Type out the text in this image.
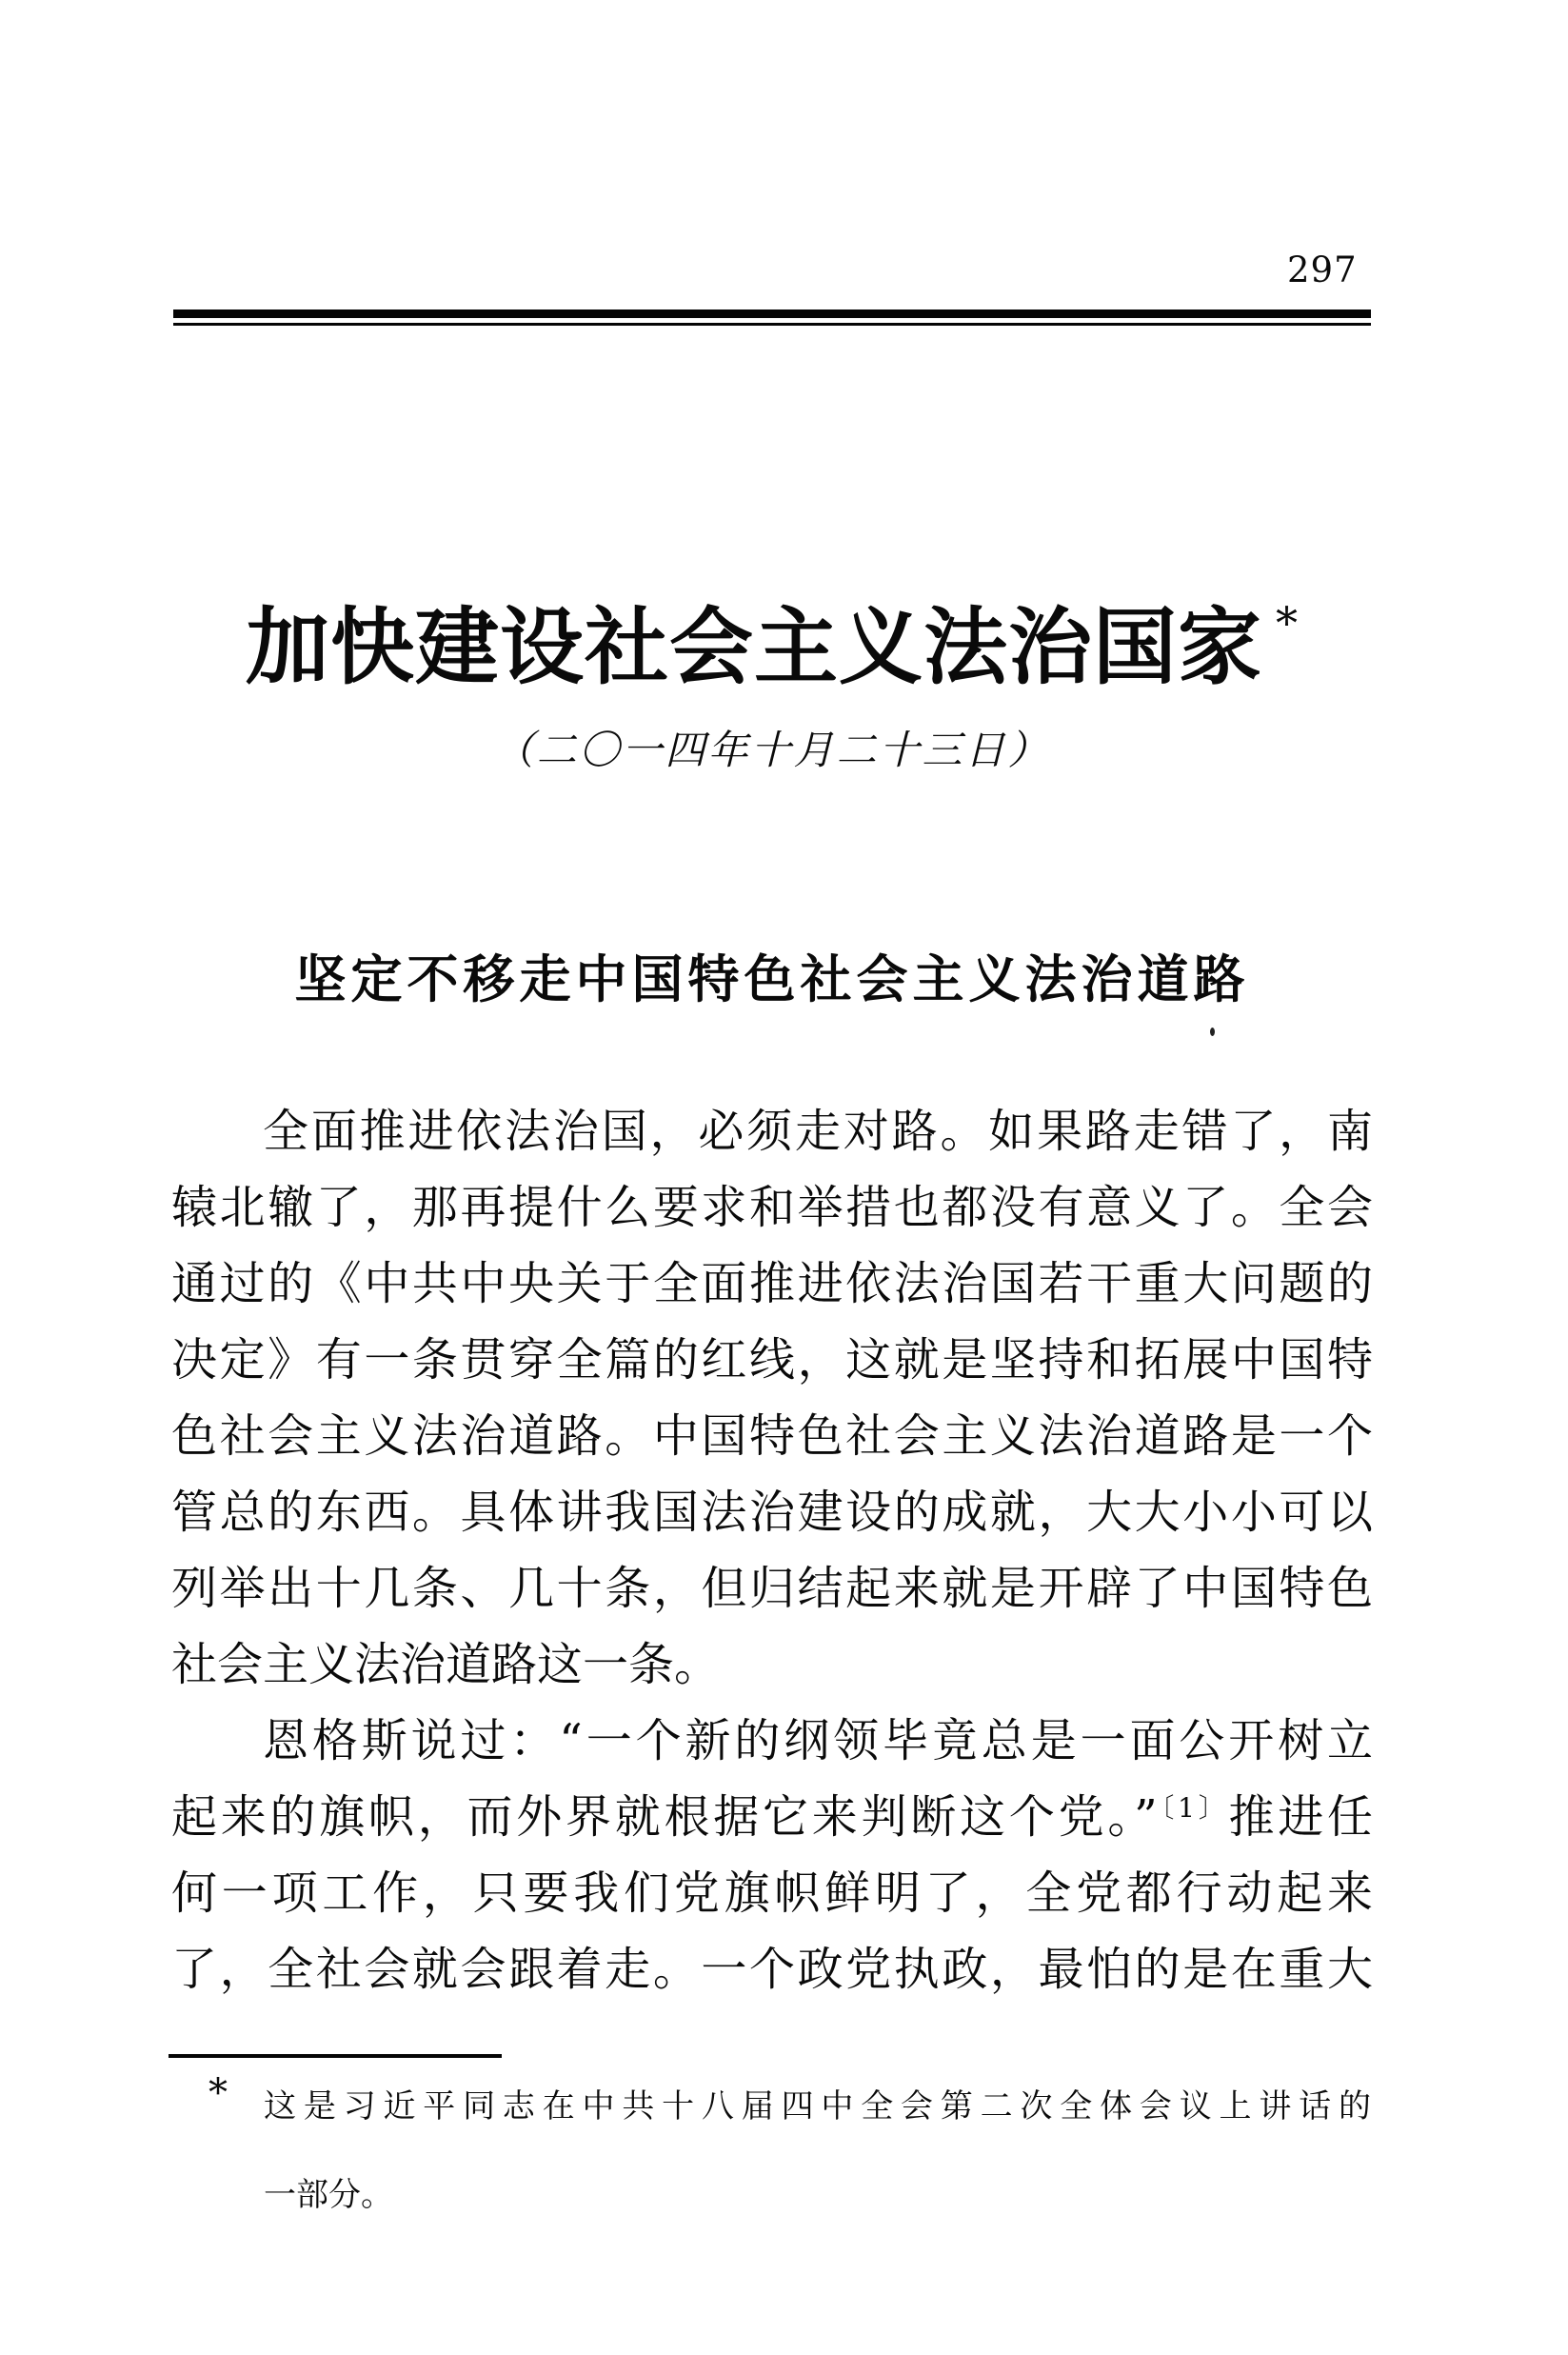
297
加快建设社会主义法治国家 *
（二〇一四年十月二十三日）
坚定不移走中国特色社会主义法治道路
全面推进依法治国，必须走对路。如果路走错了，南
辕北辙了，那再提什么要求和举措也都没有意义了。全会
通过的《中共中央关于全面推进依法治国若干重大问题的
决定》有一条贯穿全篇的红线，这就是坚持和拓展中国特
色社会主义法治道路。中国特色社会主义法治道路是一个
管总的东西。具体讲我国法治建设的成就，大大小小可以
列举出十几条、几十条，但归结起来就是开辟了中国特色
社会主义法治道路这一条。
恩格斯说过：“一个新的纲领毕竟总是一面公开树立
起来的旗帜，而外界就根据它来判断这个党。”$^{〔1〕}$推进任
何一项工作，只要我们党旗帜鲜明了，全党都行动起来
了，全社会就会跟着走。一个政党执政，最怕的是在重大
* 这是习近平同志在中共十八届四中全会第二次全体会议上讲话的
一部分。
